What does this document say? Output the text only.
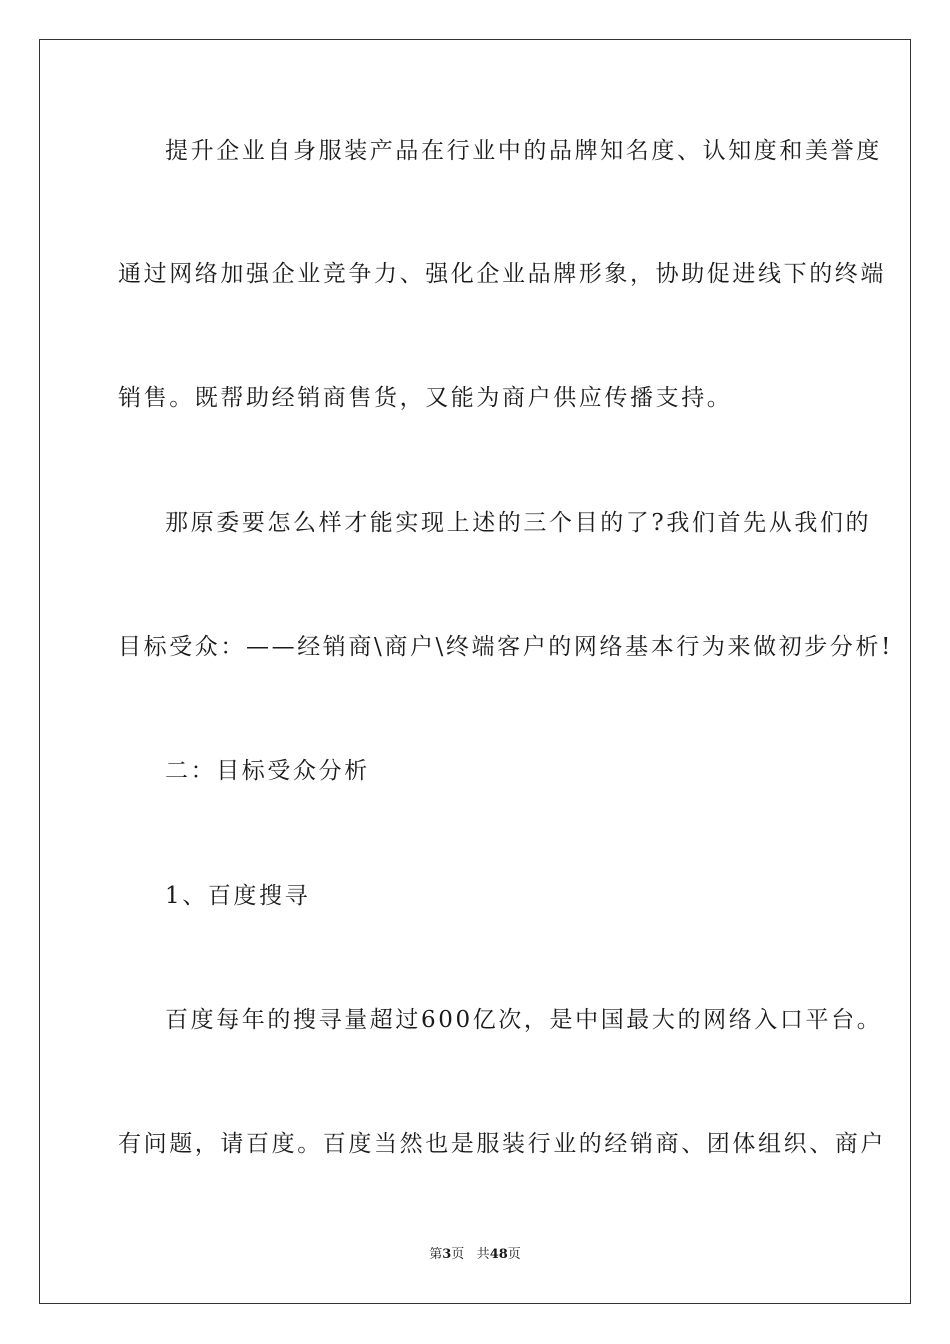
提升企业自身服装产品在行业中的品牌知名度、认知度和美誉度
通过网络加强企业竞争力、强化企业品牌形象，协助促进线下的终端
销售。既帮助经销商售货，又能为商户供应传播支持。
那原委要怎么样才能实现上述的三个目的了?我们首先从我们的
目标受众：——经销商\商户\终端客户的网络基本行为来做初步分析!
二：目标受众分析
1、百度搜寻
百度每年的搜寻量超过600亿次，是中国最大的网络入口平台。
有问题，请百度。百度当然也是服装行业的经销商、团体组织、商户
第3页 共48页
